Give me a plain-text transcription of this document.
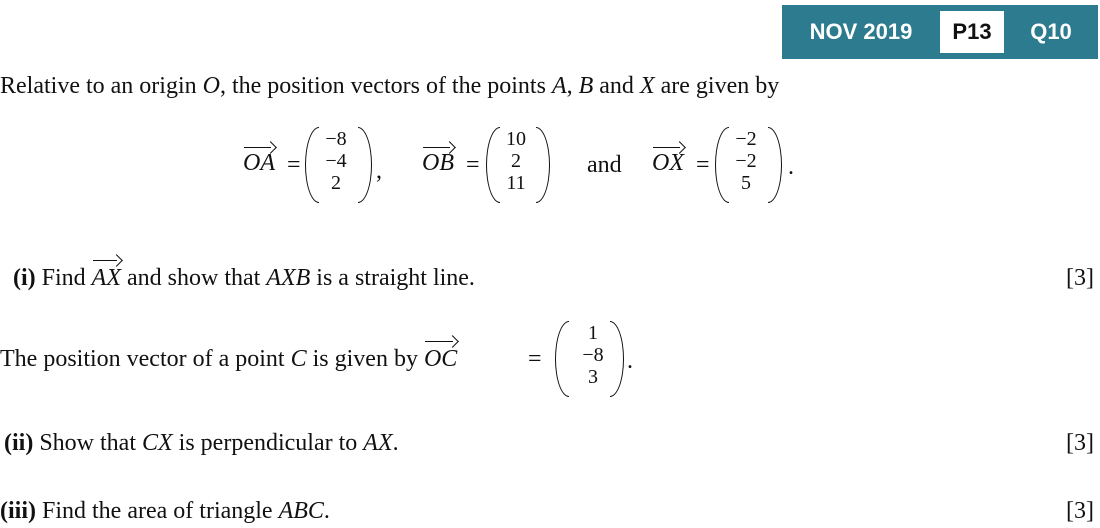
NOV 2019	P13	Q10
Relative to an origin O, the position vectors of the points A, B and X are given by
OA =
−8
−4
2	, OB =
10
2
11
and OX =
−2
−2
5
.
(i) Find
AX and show that AXB is a straight line.	[3]
The position vector of a point C is given by
OC	=
1
−8
3
.
(ii) Show that CX is perpendicular to AX.	[3]
(iii) Find the area of triangle ABC.	[3]
